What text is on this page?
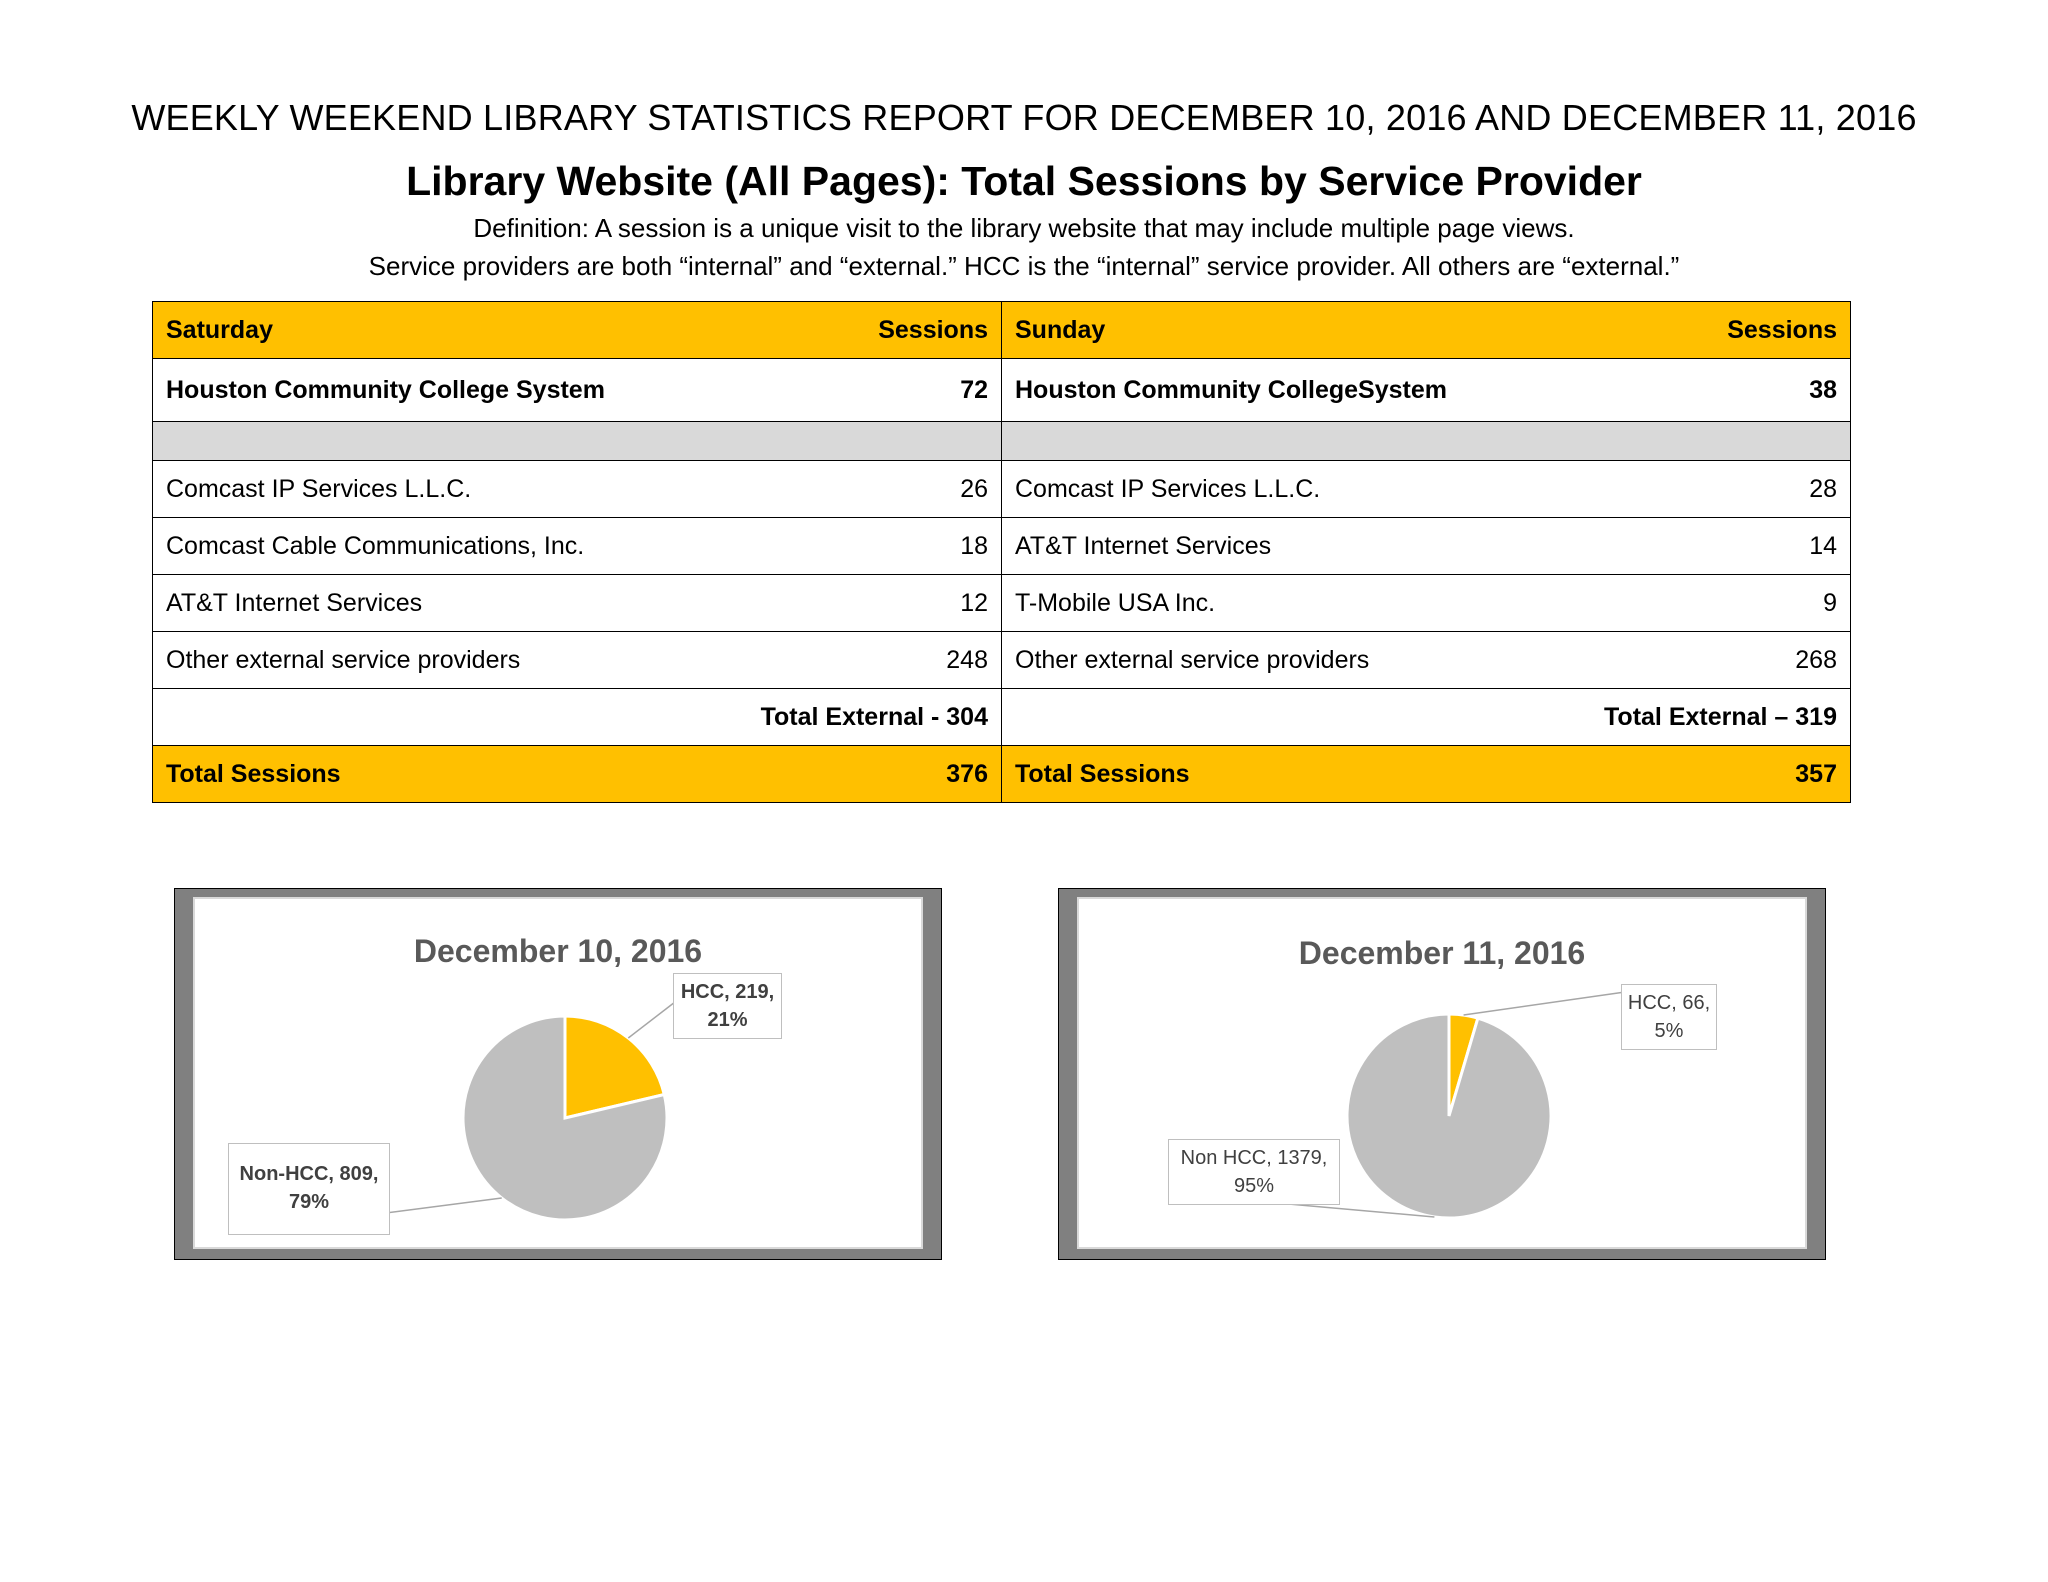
WEEKLY WEEKEND LIBRARY STATISTICS REPORT FOR DECEMBER 10, 2016 AND DECEMBER 11, 2016
Library Website (All Pages): Total Sessions by Service Provider
Definition: A session is a unique visit to the library website that may include multiple page views.
Service providers are both “internal” and “external.” HCC is the “internal” service provider. All others are “external.”
Saturday	Sessions	Sunday	Sessions
Houston Community College System	72	Houston Community CollegeSystem	38

Comcast IP Services L.L.C.	26	Comcast IP Services L.L.C.	28
Comcast Cable Communications, Inc.	18	AT&T Internet Services	14
AT&T Internet Services	12	T-Mobile USA Inc.	9
Other external service providers	248	Other external service providers	268
Total External - 304		Total External – 319	
Total Sessions	376	Total Sessions	357
December 10, 2016
HCC, 219,
21%
Non-HCC, 809,
79%
December 11, 2016
HCC, 66,
5%
Non HCC, 1379,
95%
